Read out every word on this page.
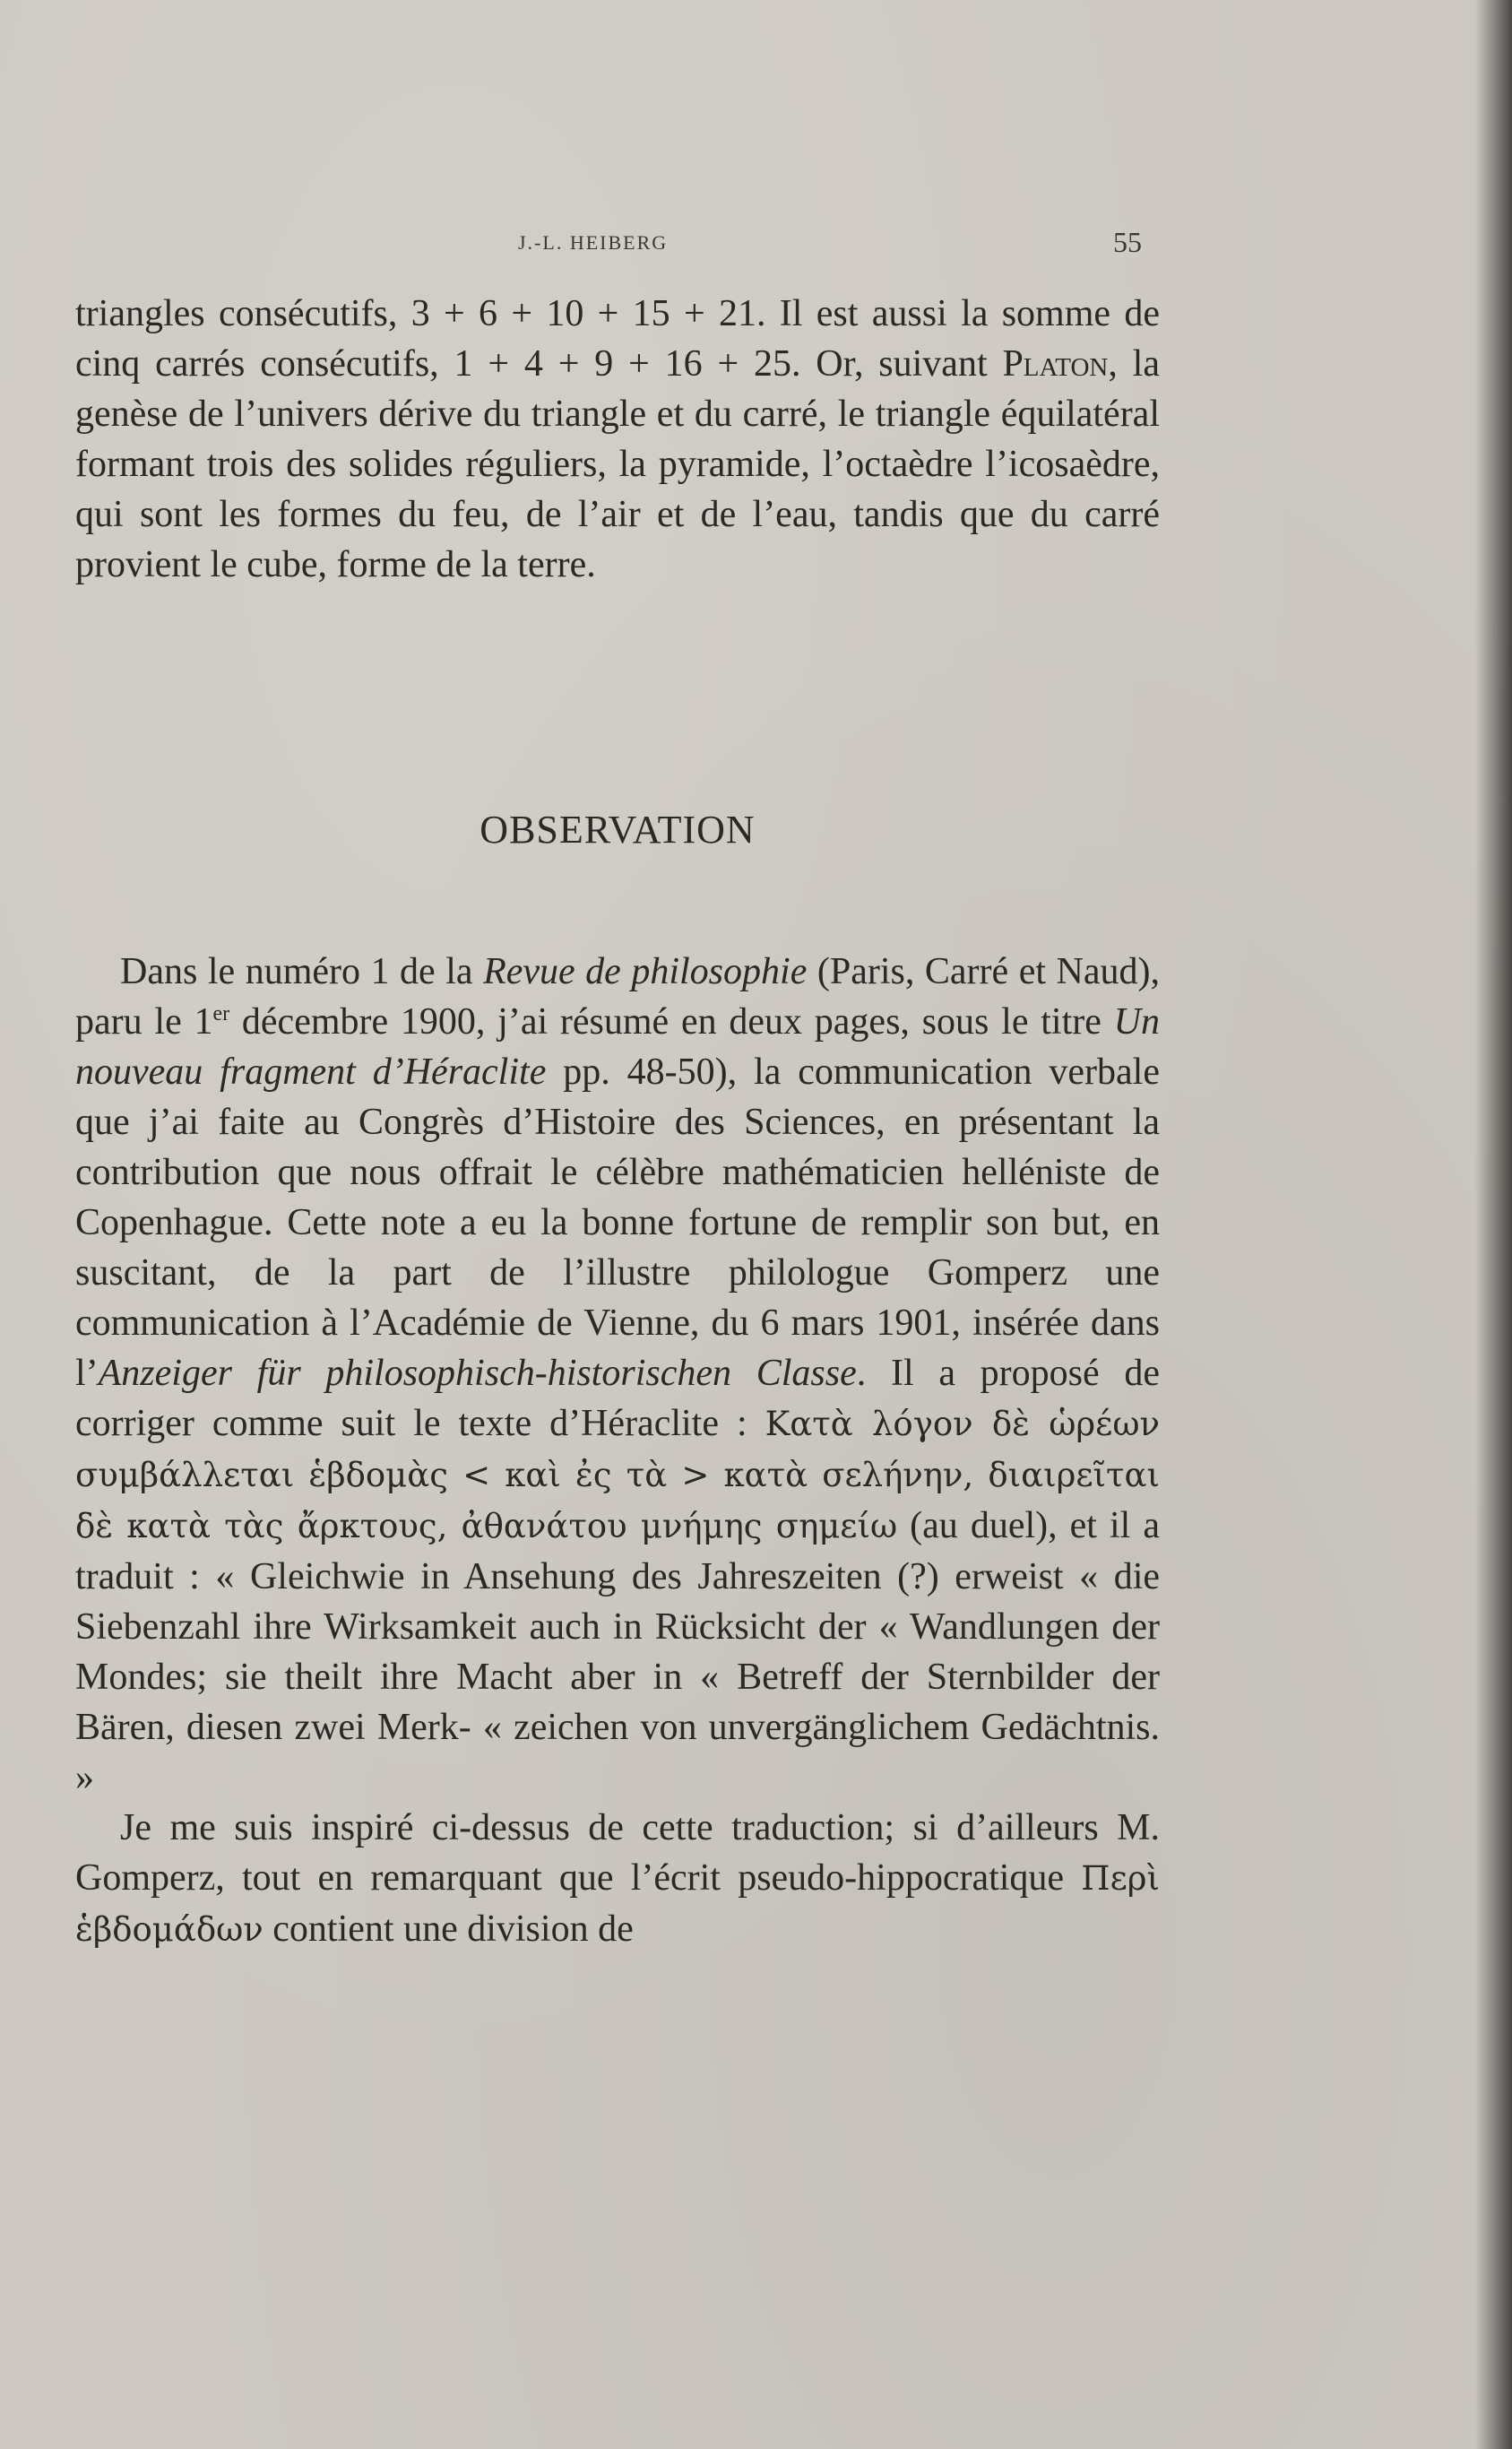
J.-L. HEIBERG	55

triangles consécutifs, 3 + 6 + 10 + 15 + 21. Il est aussi la somme de cinq carrés consécutifs, 1 + 4 + 9 + 16 + 25. Or, suivant Platon, la genèse de l’univers dérive du triangle et du carré, le triangle équilatéral formant trois des solides réguliers, la pyramide, l’octaèdre l’icosaèdre, qui sont les formes du feu, de l’air et de l’eau, tandis que du carré provient le cube, forme de la terre.

OBSERVATION

Dans le numéro 1 de la Revue de philosophie (Paris, Carré et Naud), paru le 1er décembre 1900, j’ai résumé en deux pages, sous le titre Un nouveau fragment d’Héraclite pp. 48-50), la communication verbale que j’ai faite au Congrès d’Histoire des Sciences, en présentant la contribution que nous offrait le célèbre mathématicien helléniste de Copenhague. Cette note a eu la bonne fortune de remplir son but, en suscitant, de la part de l’illustre philologue Gomperz une communication à l’Académie de Vienne, du 6 mars 1901, insérée dans l’Anzeiger für philosophisch-historischen Classe. Il a proposé de corriger comme suit le texte d’Héraclite : Κατὰ λόγον δὲ ὡρέων συμβάλλεται ἑβδομὰς < καὶ ἐς τὰ > κατὰ σελήνην, διαιρεῖται δὲ κατὰ τὰς ἄρκτους, ἀθανάτου μνήμης σημείω (au duel), et il a traduit : « Gleichwie in Ansehung des Jahreszeiten (?) erweist « die Siebenzahl ihre Wirksamkeit auch in Rücksicht der « Wandlungen der Mondes; sie theilt ihre Macht aber in « Betreff der Sternbilder der Bären, diesen zwei Merk- « zeichen von unvergänglichem Gedächtnis. »

Je me suis inspiré ci-dessus de cette traduction; si d’ailleurs M. Gomperz, tout en remarquant que l’écrit pseudo-hippocratique Περὶ ἑβδομάδων contient une division de
